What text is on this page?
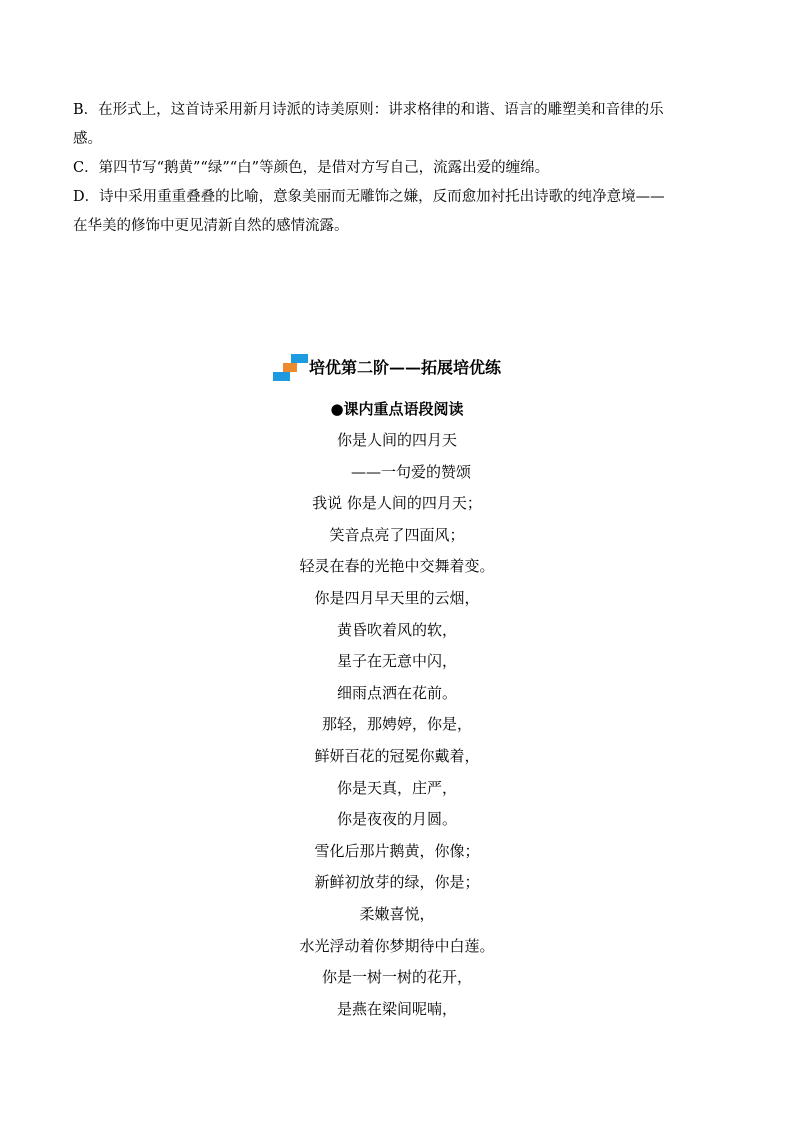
B．在形式上，这首诗采用新月诗派的诗美原则：讲求格律的和谐、语言的雕塑美和音律的乐
感。
C．第四节写“鹅黄”“绿”“白”等颜色，是借对方写自己，流露出爱的缠绵。
D．诗中采用重重叠叠的比喻，意象美丽而无雕饰之嫌，反而愈加衬托出诗歌的纯净意境——
在华美的修饰中更见清新自然的感情流露。
培优第二阶——拓展培优练
●课内重点语段阅读
你是人间的四月天
——一句爱的赞颂
我说 你是人间的四月天；
笑音点亮了四面风；
轻灵在春的光艳中交舞着变。
你是四月早天里的云烟，
黄昏吹着风的软，
星子在无意中闪，
细雨点洒在花前。
那轻，那娉婷，你是，
鲜妍百花的冠冕你戴着，
你是天真，庄严，
你是夜夜的月圆。
雪化后那片鹅黄，你像；
新鲜初放芽的绿，你是；
柔嫩喜悦，
水光浮动着你梦期待中白莲。
你是一树一树的花开，
是燕在梁间呢喃，
